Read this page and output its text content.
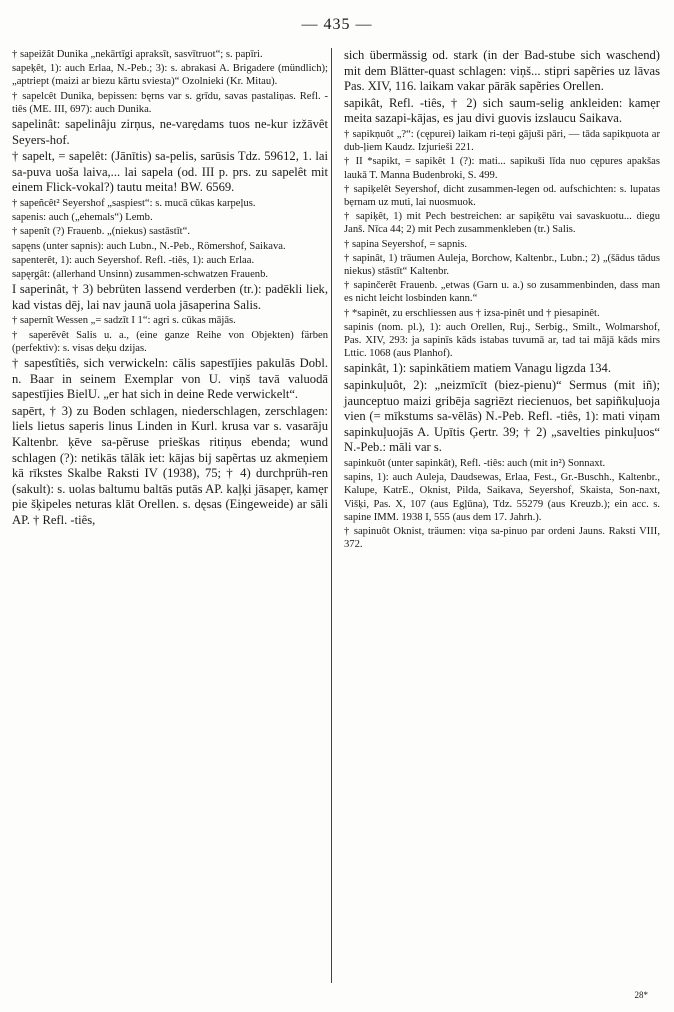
— 435 —

† sapeižât Dunika „nekārtīgi apraksīt, sasvītruot“; s. papīri.

sapeķêt, 1): auch Erlaa, N.-Peb.; 3): s. abrakasi A. Brigadere (mündlich); „aptriept (maizi ar biezu kārtu sviesta)“ Ozolnieki (Kr. Mitau).

† sapelcêt Dunika, bepissen: bęrns var s. grīdu, savas pastaliņas. Refl. -tiês (ME. III, 697): auch Dunika.

sapelinât: sapelinâju zirņus, ne-varẹdams tuos ne-kur izžāvêt Seyers-hof.

† sapelt, = sapelêt: (Jānītis) sa-pelis, sarūsis Tdz. 59612, 1. lai sa-puva uoša laiva,... lai sapela (od. III p. prs. zu sapelêt mit einem Flick-vokal?) tautu meita! BW. 6569.

† sapeñcêt² Seyershof „saspiest“: s. mucā cūkas karpeļus.

sapenis: auch („ehemals“) Lemb.

† sapenît (?) Frauenb. „(niekus) sastāstīt“.

sapęns (unter sapnis): auch Lubn., N.-Peb., Römershof, Saikava.

sapenterêt, 1): auch Seyershof. Refl. -tiês, 1): auch Erlaa.

sapęrgât: (allerhand Unsinn) zusammen-schwatzen Frauenb.

I saperinât, † 3) bebrüten lassend verderben (tr.): padēkli liek, kad vistas dēj, lai nav jaunā uola jāsaperina Salis.

† sapernît Wessen „= sadzīt I 1“: agri s. cūkas mājās.

† saperẽvêt Salis u. a., (eine ganze Reihe von Objekten) färben (perfektiv): s. visas deķu dzijas.

† sapestîtiês, sich verwickeln: cālis sapestījies pakulās Dobl. n. Baar in seinem Exemplar von U. viņš tavā valuodā sapestījies BielU. „er hat sich in deine Rede verwickelt“.

sapērt, † 3) zu Boden schlagen, niederschlagen, zerschlagen: liels lietus saperis linus Linden in Kurl. krusa var s. vasarāju Kaltenbr. ķēve sa-pẽruse prieškas ritiņus ebenda; wund schlagen (?): netikās tālāk iet: kājas bij sapẽrtas uz akmeņiem kā rīkstes Skalbe Raksti IV (1938), 75; † 4) durchprüh-ren (sakult): s. uolas baltumu baltās putās AP. kaļķi jāsapẹr, kamẹr pie šķipeles neturas klāt Orellen. s. dęsas (Eingeweide) ar sāli AP. † Refl. -tiês,

sich übermässig od. stark (in der Bad-stube sich waschend) mit dem Blätter-quast schlagen: viņš... stipri sapẽries uz lāvas Pas. XIV, 116. laikam vakar pārāk sapẽries Orellen.

sapikât, Refl. -tiês, † 2) sich saum-selig ankleiden: kamẹr meita sazapi-kājas, es jau divi guovis izslaucu Saikava.

† sapikņuôt „?“: (cępurei) laikam ri-teņi gājuši pāri, — tāda sapikņuota ar dub-ļiem Kaudz. Izjurieši 221.

† II *sapikt, = sapikêt 1 (?): mati... sapikuši līda nuo cępures apakšas laukā T. Manna Budenbroki, S. 499.

† sapiķelêt Seyershof, dicht zusammen-legen od. aufschichten: s. lupatas bẹrnam uz muti, lai nuosmuok.

† sapiķêt, 1) mit Pech bestreichen: ar sapiķētu vai savaskuotu... diegu Janš. Nīca 44; 2) mit Pech zusammenkleben (tr.) Salis.

† sapina Seyershof, = sapnis.

† sapinât, 1) träumen Auleja, Borchow, Kaltenbr., Lubn.; 2) „(šādus tādus niekus) stāstīt“ Kaltenbr.

† sapinčerêt Frauenb. „etwas (Garn u. a.) so zusammenbinden, dass man es nicht leicht losbinden kann.“

† *sapinêt, zu erschliessen aus † izsa-pinêt und † piesapinêt.

sapinis (nom. pl.), 1): auch Orellen, Ruj., Serbig., Smilt., Wolmarshof, Pas. XIV, 293: ja sapinīs kāds istabas tuvumā ar, tad tai mājā kāds mirs Lttic. 1068 (aus Planhof).

sapinkât, 1): sapinkātiem matiem Vanagu ligzda 134.

sapinkuļuôt, 2): „neizmīcīt (biez-pienu)“ Sermus (mit iñ); jaunceptuo maizi gribēja sagriēzt riecienuos, bet sapiñkuļuoja vien (= mīkstums sa-vēlās) N.-Peb. Refl. -tiês, 1): mati viņam sapinkuļuojās A. Upītis Ģertr. 39; † 2) „savelties pinkuļuos“ N.-Peb.: māli var s.

sapinkuôt (unter sapinkât), Refl. -tiês: auch (mit in²) Sonnaxt.

sapins, 1): auch Auleja, Daudsewas, Erlaa, Fest., Gr.-Buschh., Kaltenbr., Kalupe, KatrE., Oknist, Pilda, Saikava, Seyershof, Skaista, Son-naxt, Višķi, Pas. X, 107 (aus Egļūna), Tdz. 55279 (aus Kreuzb.); ein acc. s. sapine IMM. 1938 I, 555 (aus dem 17. Jahrh.).

† sapinuôt Oknist, träumen: viņa sa-pinuo par ordeni Jauns. Raksti VIII, 372.

28*
